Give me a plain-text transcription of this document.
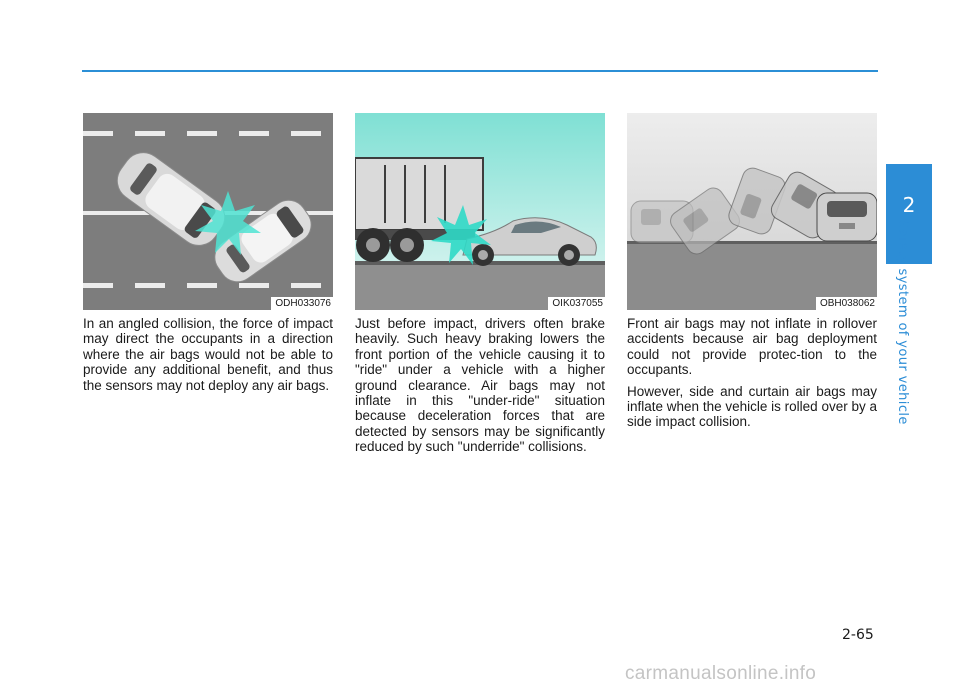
2
Safety system of your vehicle
ODH033076	OIK037055	OBH038062

In an angled collision, the force of impact may direct the occupants in a direction where the air bags would not be able to provide any additional benefit, and thus the sensors may not deploy any air bags.

Just before impact, drivers often brake heavily. Such heavy braking lowers the front portion of the vehicle causing it to "ride" under a vehicle with a higher ground clearance. Air bags may not inflate in this "under-ride" situation because deceleration forces that are detected by sensors may be significantly reduced by such "underride" collisions.

Front air bags may not inflate in rollover accidents because air bag deployment could not provide protec-tion to the occupants.

However, side and curtain air bags may inflate when the vehicle is rolled over by a side impact collision.

2-65
carmanualsonline.info
